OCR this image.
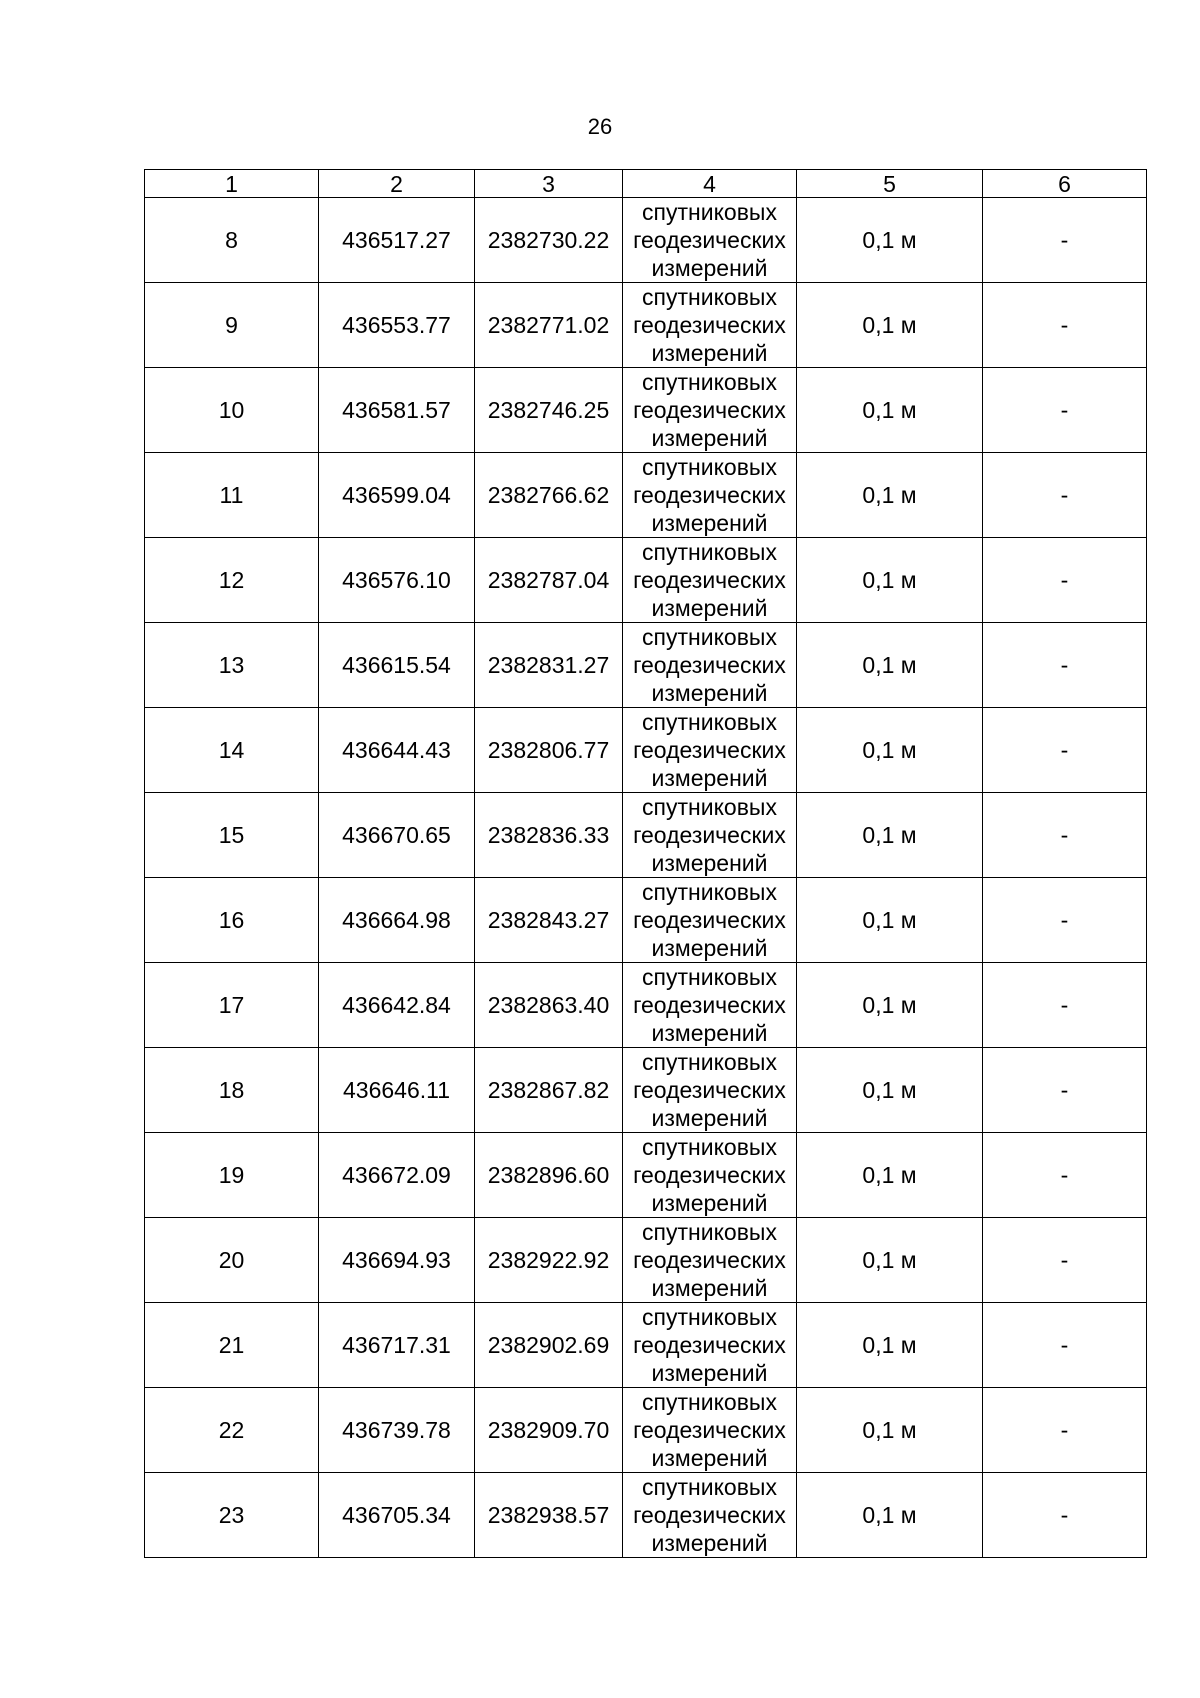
26
1	2	3	4	5	6
8	436517.27	2382730.22	спутниковых
геодезических
измерений	0,1 м	-
9	436553.77	2382771.02	спутниковых
геодезических
измерений	0,1 м	-
10	436581.57	2382746.25	спутниковых
геодезических
измерений	0,1 м	-
11	436599.04	2382766.62	спутниковых
геодезических
измерений	0,1 м	-
12	436576.10	2382787.04	спутниковых
геодезических
измерений	0,1 м	-
13	436615.54	2382831.27	спутниковых
геодезических
измерений	0,1 м	-
14	436644.43	2382806.77	спутниковых
геодезических
измерений	0,1 м	-
15	436670.65	2382836.33	спутниковых
геодезических
измерений	0,1 м	-
16	436664.98	2382843.27	спутниковых
геодезических
измерений	0,1 м	-
17	436642.84	2382863.40	спутниковых
геодезических
измерений	0,1 м	-
18	436646.11	2382867.82	спутниковых
геодезических
измерений	0,1 м	-
19	436672.09	2382896.60	спутниковых
геодезических
измерений	0,1 м	-
20	436694.93	2382922.92	спутниковых
геодезических
измерений	0,1 м	-
21	436717.31	2382902.69	спутниковых
геодезических
измерений	0,1 м	-
22	436739.78	2382909.70	спутниковых
геодезических
измерений	0,1 м	-
23	436705.34	2382938.57	спутниковых
геодезических
измерений	0,1 м	-
